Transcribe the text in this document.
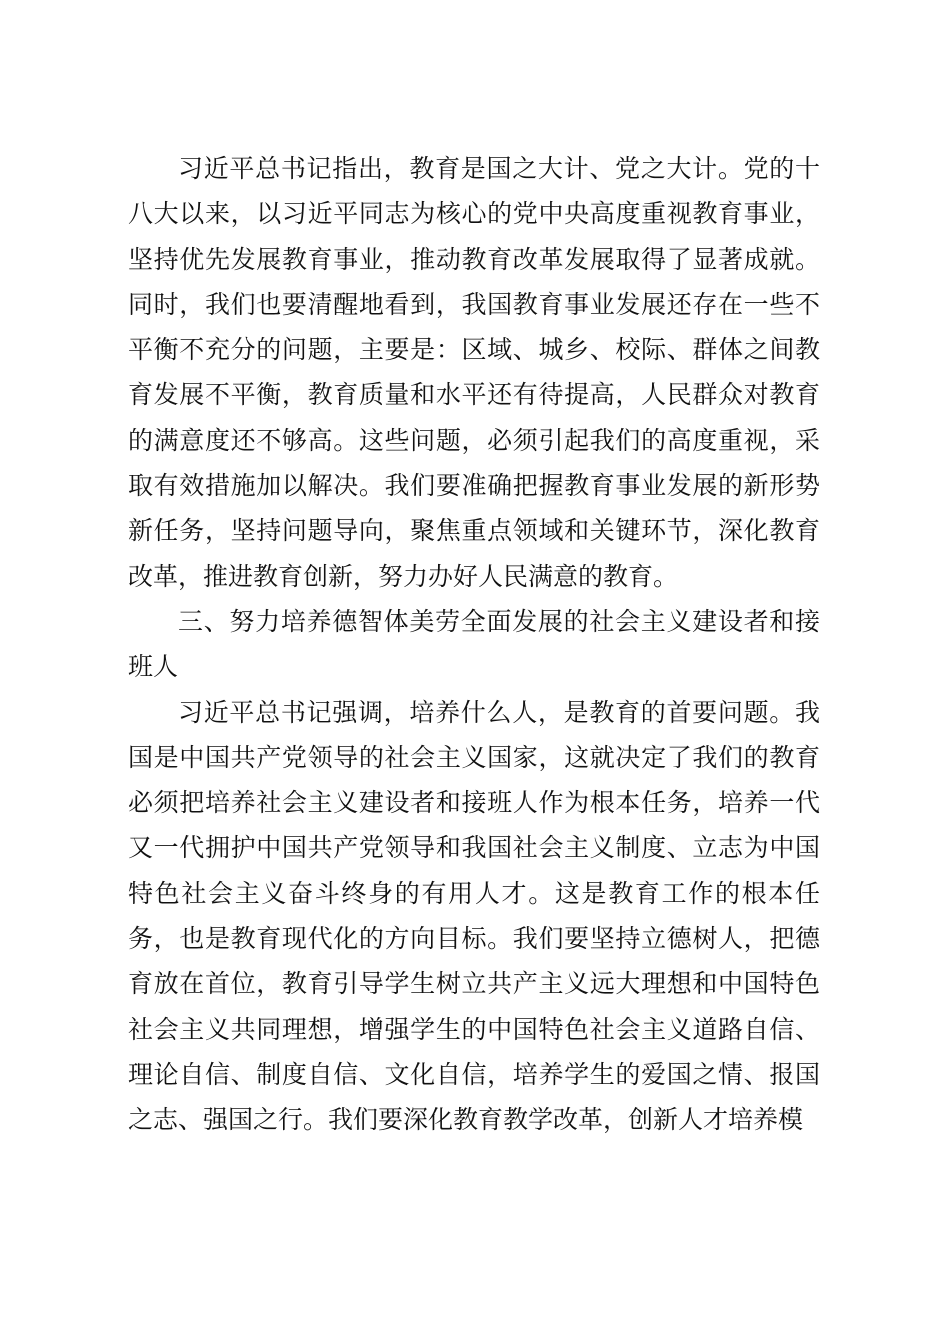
习近平总书记指出，教育是国之大计、党之大计。党的十八大以来，以习近平同志为核心的党中央高度重视教育事业，坚持优先发展教育事业，推动教育改革发展取得了显著成就。同时，我们也要清醒地看到，我国教育事业发展还存在一些不平衡不充分的问题，主要是：区域、城乡、校际、群体之间教育发展不平衡，教育质量和水平还有待提高，人民群众对教育的满意度还不够高。这些问题，必须引起我们的高度重视，采取有效措施加以解决。我们要准确把握教育事业发展的新形势新任务，坚持问题导向，聚焦重点领域和关键环节，深化教育改革，推进教育创新，努力办好人民满意的教育。

三、努力培养德智体美劳全面发展的社会主义建设者和接班人

习近平总书记强调，培养什么人，是教育的首要问题。我国是中国共产党领导的社会主义国家，这就决定了我们的教育必须把培养社会主义建设者和接班人作为根本任务，培养一代又一代拥护中国共产党领导和我国社会主义制度、立志为中国特色社会主义奋斗终身的有用人才。这是教育工作的根本任务，也是教育现代化的方向目标。我们要坚持立德树人，把德育放在首位，教育引导学生树立共产主义远大理想和中国特色社会主义共同理想，增强学生的中国特色社会主义道路自信、理论自信、制度自信、文化自信，培养学生的爱国之情、报国之志、强国之行。我们要深化教育教学改革，创新人才培养模
